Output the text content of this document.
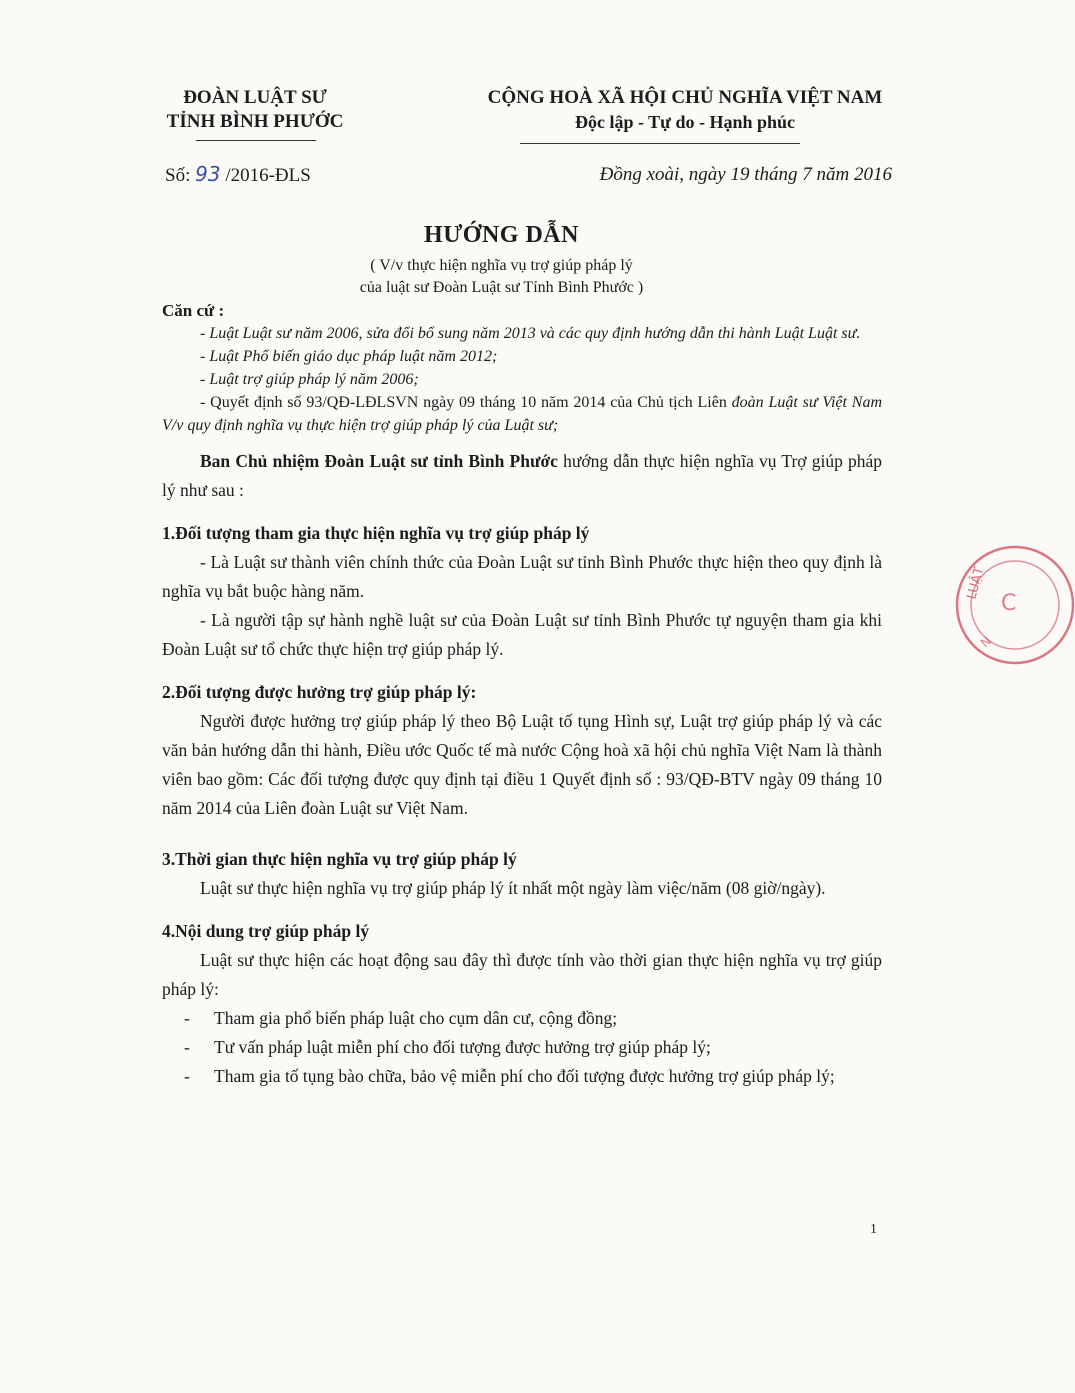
ĐOÀN LUẬT SƯ
TỈNH BÌNH PHƯỚC
CỘNG HOÀ XÃ HỘI CHỦ NGHĨA VIỆT NAM
Độc lập - Tự do - Hạnh phúc
Số: 93 /2016-ĐLS	Đồng xoài, ngày 19 tháng 7 năm 2016
HƯỚNG DẪN
( V/v thực hiện nghĩa vụ trợ giúp pháp lý
của luật sư Đoàn Luật sư Tỉnh Bình Phước )

Căn cứ :

- Luật Luật sư năm 2006, sửa đổi bổ sung năm 2013 và các quy định hướng dẫn thi hành Luật Luật sư.

- Luật Phổ biến giáo dục pháp luật năm 2012;

- Luật trợ giúp pháp lý năm 2006;

- Quyết định số 93/QĐ-LĐLSVN ngày 09 tháng 10 năm 2014 của Chủ tịch Liên đoàn Luật sư Việt Nam V/v quy định nghĩa vụ thực hiện trợ giúp pháp lý của Luật sư;

Ban Chủ nhiệm Đoàn Luật sư tỉnh Bình Phước hướng dẫn thực hiện nghĩa vụ Trợ giúp pháp lý như sau :

1.Đối tượng tham gia thực hiện nghĩa vụ trợ giúp pháp lý

- Là Luật sư thành viên chính thức của Đoàn Luật sư tỉnh Bình Phước thực hiện theo quy định là nghĩa vụ bắt buộc hàng năm.

- Là người tập sự hành nghề luật sư của Đoàn Luật sư tỉnh Bình Phước tự nguyện tham gia khi Đoàn Luật sư tổ chức thực hiện trợ giúp pháp lý.

2.Đối tượng được hưởng trợ giúp pháp lý:

Người được hưởng trợ giúp pháp lý theo Bộ Luật tố tụng Hình sự, Luật trợ giúp pháp lý và các văn bản hướng dẫn thi hành, Điều ước Quốc tế mà nước Cộng hoà xã hội chủ nghĩa Việt Nam là thành viên bao gồm: Các đối tượng được quy định tại điều 1 Quyết định số : 93/QĐ-BTV ngày 09 tháng 10 năm 2014 của Liên đoàn Luật sư Việt Nam.

3.Thời gian thực hiện nghĩa vụ trợ giúp pháp lý

Luật sư thực hiện nghĩa vụ trợ giúp pháp lý ít nhất một ngày làm việc/năm (08 giờ/ngày).

4.Nội dung trợ giúp pháp lý

Luật sư thực hiện các hoạt động sau đây thì được tính vào thời gian thực hiện nghĩa vụ trợ giúp pháp lý:

- Tham gia phổ biến pháp luật cho cụm dân cư, cộng đồng;
- Tư vấn pháp luật miễn phí cho đối tượng được hưởng trợ giúp pháp lý;
- Tham gia tố tụng bào chữa, bảo vệ miễn phí cho đối tượng được hưởng trợ giúp pháp lý;
1
LUẬT
N
C
